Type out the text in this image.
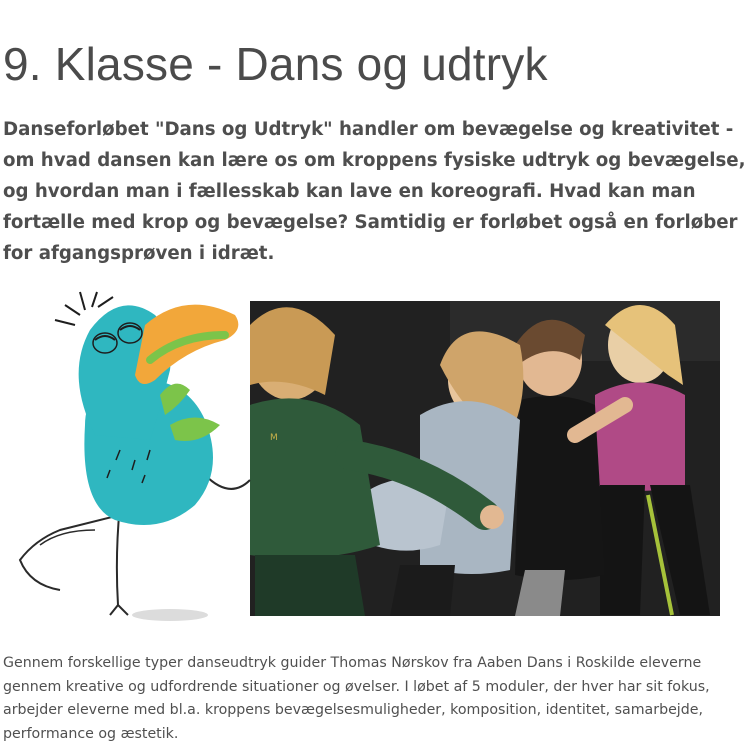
9. Klasse - Dans og udtryk

Danseforløbet "Dans og Udtryk" handler om bevægelse og kreativitet - om hvad dansen kan lære os om kroppens fysiske udtryk og bevægelse, og hvordan man i fællesskab kan lave en koreografi. Hvad kan man fortælle med krop og bevægelse? Samtidig er forløbet også en forløber for afgangsprøven i idræt.

M

Gennem forskellige typer danseudtryk guider Thomas Nørskov fra Aaben Dans i Roskilde eleverne gennem kreative og udfordrende situationer og øvelser. I løbet af 5 moduler, der hver har sit fokus, arbejder eleverne med bl.a. kroppens bevægelsesmuligheder, komposition, identitet, samarbejde, performance og æstetik.
